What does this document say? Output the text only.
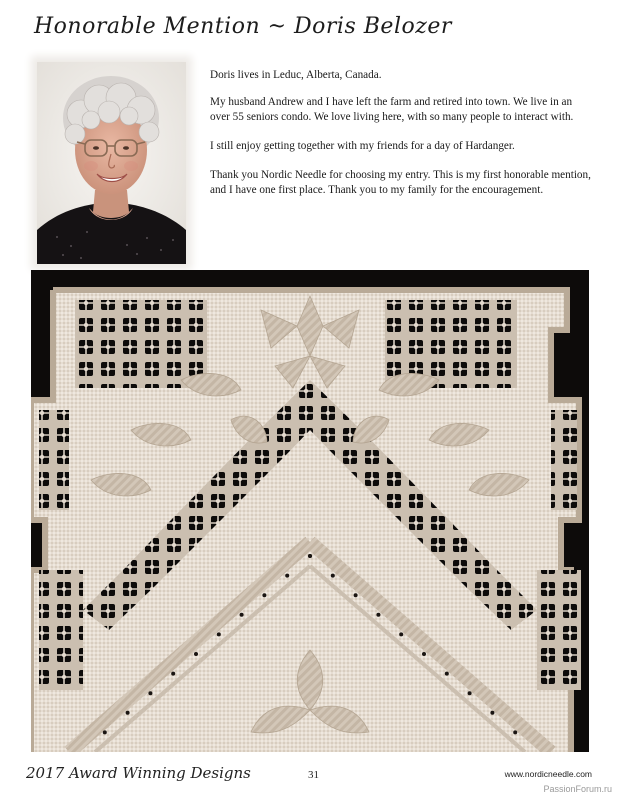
Honorable Mention ~ Doris Belozer

Doris lives in Leduc, Alberta, Canada.

My husband Andrew and I have left the farm and retired into town. We live in an over 55 seniors condo. We love living here, with so many people to interact with.

I still enjoy getting together with my friends for a day of Hardanger.

Thank you Nordic Needle for choosing my entry. This is my first honorable mention, and I have one first place. Thank you to my family for the encouragement.

2017 Award Winning Designs	31	www.nordicneedle.com
PassionForum.ru
